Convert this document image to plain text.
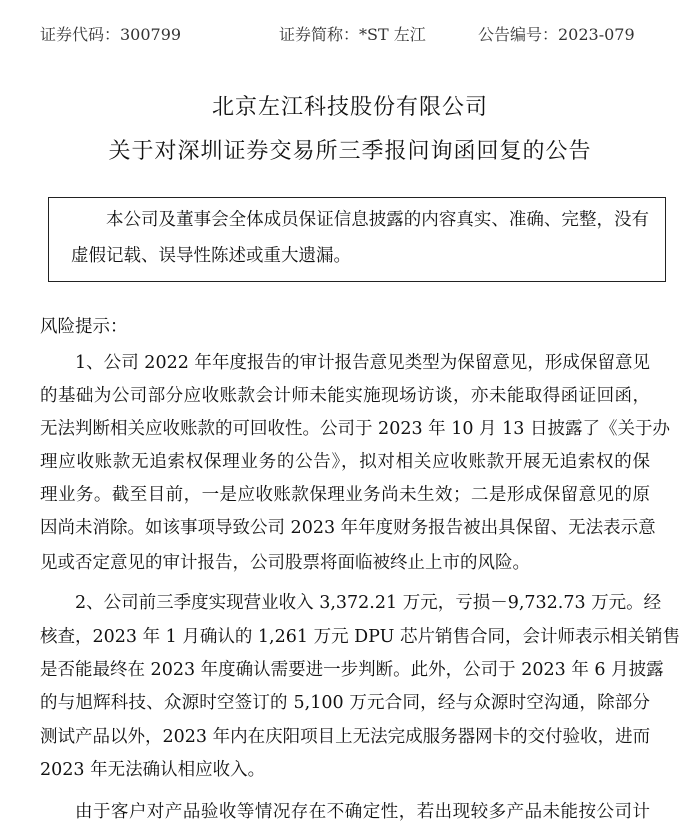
证券代码：300799	证券简称：*ST 左江	公告编号：2023-079
北京左江科技股份有限公司
关于对深圳证券交易所三季报问询函回复的公告
本公司及董事会全体成员保证信息披露的内容真实、准确、完整，没有
虚假记载、误导性陈述或重大遗漏。
风险提示：
1、公司 2022 年年度报告的审计报告意见类型为保留意见，形成保留意见
的基础为公司部分应收账款会计师未能实施现场访谈，亦未能取得函证回函，
无法判断相关应收账款的可回收性。公司于 2023 年 10 月 13 日披露了《关于办
理应收账款无追索权保理业务的公告》，拟对相关应收账款开展无追索权的保
理业务。截至目前，一是应收账款保理业务尚未生效；二是形成保留意见的原
因尚未消除。如该事项导致公司 2023 年年度财务报告被出具保留、无法表示意
见或否定意见的审计报告，公司股票将面临被终止上市的风险。
2、公司前三季度实现营业收入 3,372.21 万元，亏损－9,732.73 万元。经
核查，2023 年 1 月确认的 1,261 万元 DPU 芯片销售合同，会计师表示相关销售
是否能最终在 2023 年度确认需要进一步判断。此外，公司于 2023 年 6 月披露
的与旭辉科技、众源时空签订的 5,100 万元合同，经与众源时空沟通，除部分
测试产品以外，2023 年内在庆阳项目上无法完成服务器网卡的交付验收，进而
2023 年无法确认相应收入。
由于客户对产品验收等情况存在不确定性，若出现较多产品未能按公司计
